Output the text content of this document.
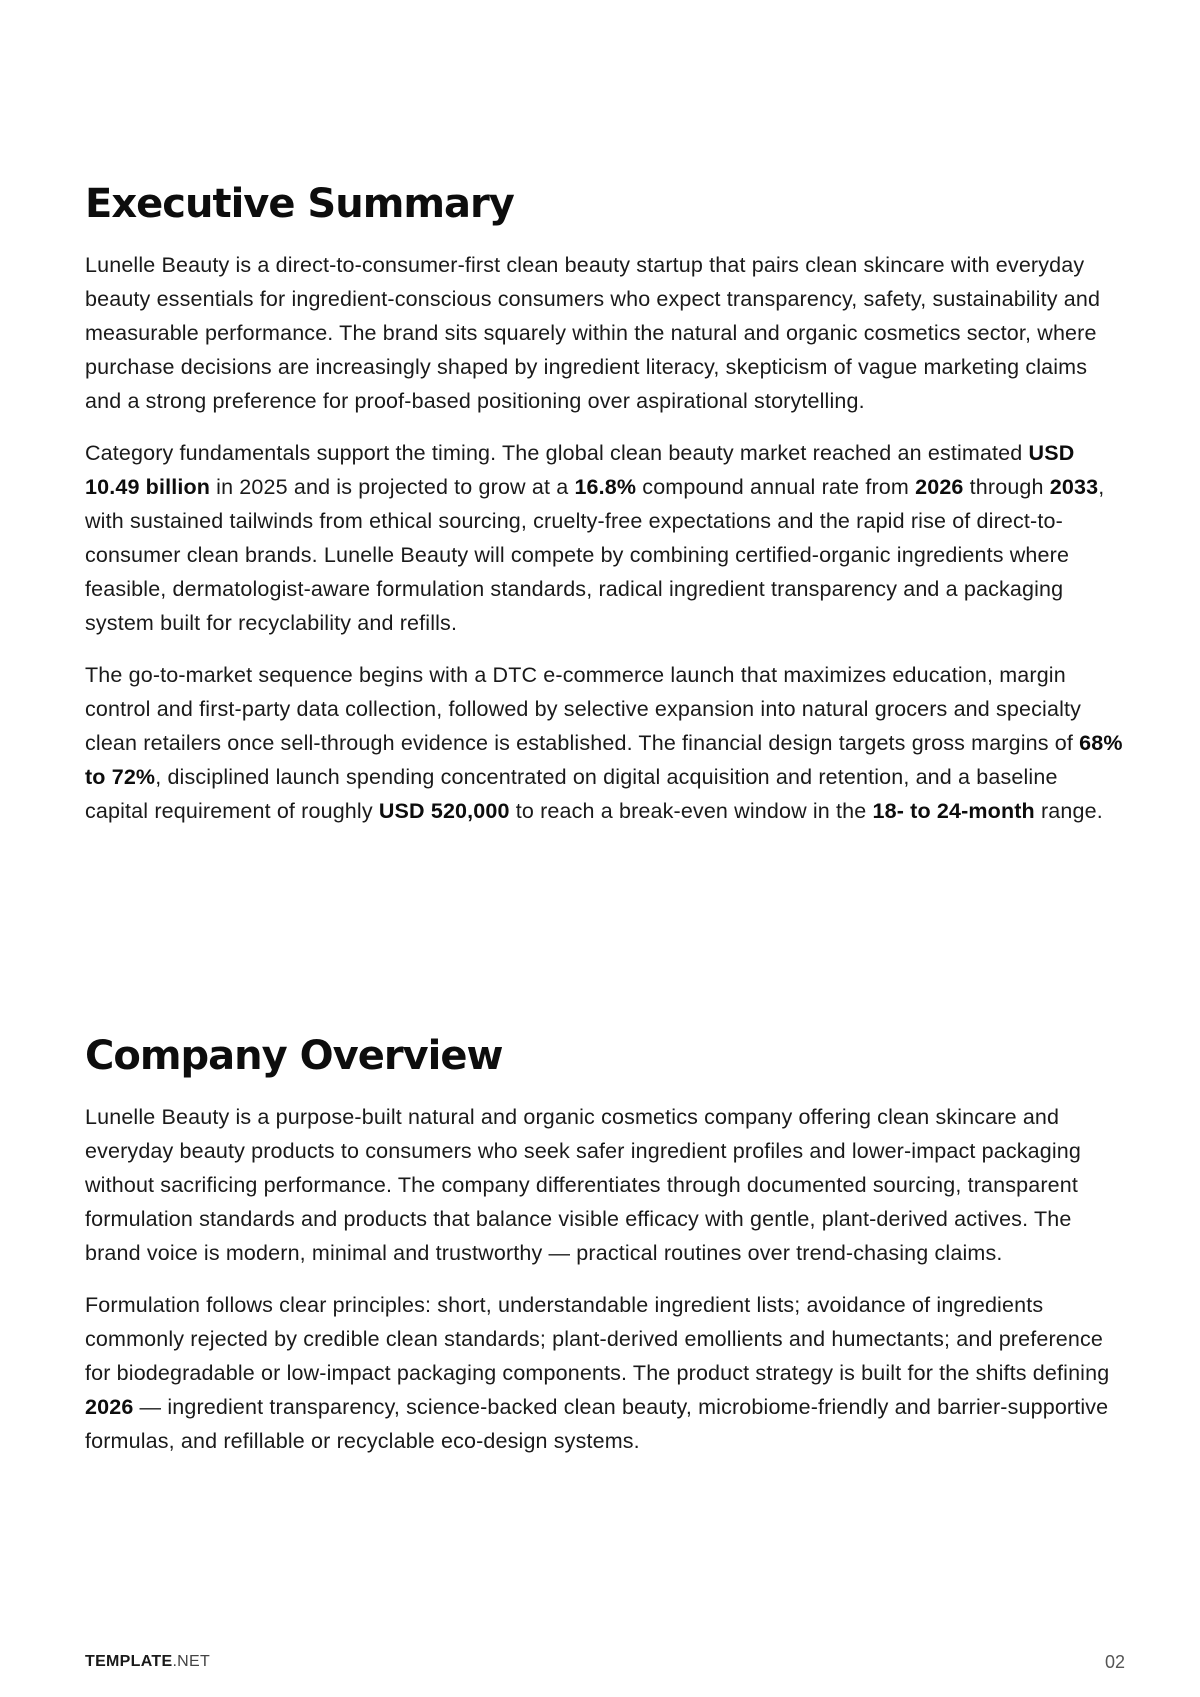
Executive Summary

Lunelle Beauty is a direct-to-consumer-first clean beauty startup that pairs clean skincare with everyday beauty essentials for ingredient-conscious consumers who expect transparency, safety, sustainability and measurable performance. The brand sits squarely within the natural and organic cosmetics sector, where purchase decisions are increasingly shaped by ingredient literacy, skepticism of vague marketing claims and a strong preference for proof-based positioning over aspirational storytelling.

Category fundamentals support the timing. The global clean beauty market reached an estimated USD 10.49 billion in 2025 and is projected to grow at a 16.8% compound annual rate from 2026 through 2033, with sustained tailwinds from ethical sourcing, cruelty-free expectations and the rapid rise of direct-to-consumer clean brands. Lunelle Beauty will compete by combining certified-organic ingredients where feasible, dermatologist-aware formulation standards, radical ingredient transparency and a packaging system built for recyclability and refills.

The go-to-market sequence begins with a DTC e-commerce launch that maximizes education, margin control and first-party data collection, followed by selective expansion into natural grocers and specialty clean retailers once sell-through evidence is established. The financial design targets gross margins of 68% to 72%, disciplined launch spending concentrated on digital acquisition and retention, and a baseline capital requirement of roughly USD 520,000 to reach a break-even window in the 18- to 24-month range.

Company Overview

Lunelle Beauty is a purpose-built natural and organic cosmetics company offering clean skincare and everyday beauty products to consumers who seek safer ingredient profiles and lower-impact packaging without sacrificing performance. The company differentiates through documented sourcing, transparent formulation standards and products that balance visible efficacy with gentle, plant-derived actives. The brand voice is modern, minimal and trustworthy — practical routines over trend-chasing claims.

Formulation follows clear principles: short, understandable ingredient lists; avoidance of ingredients commonly rejected by credible clean standards; plant-derived emollients and humectants; and preference for biodegradable or low-impact packaging components. The product strategy is built for the shifts defining 2026 — ingredient transparency, science-backed clean beauty, microbiome-friendly and barrier-supportive formulas, and refillable or recyclable eco-design systems.

TEMPLATE.NET	02
